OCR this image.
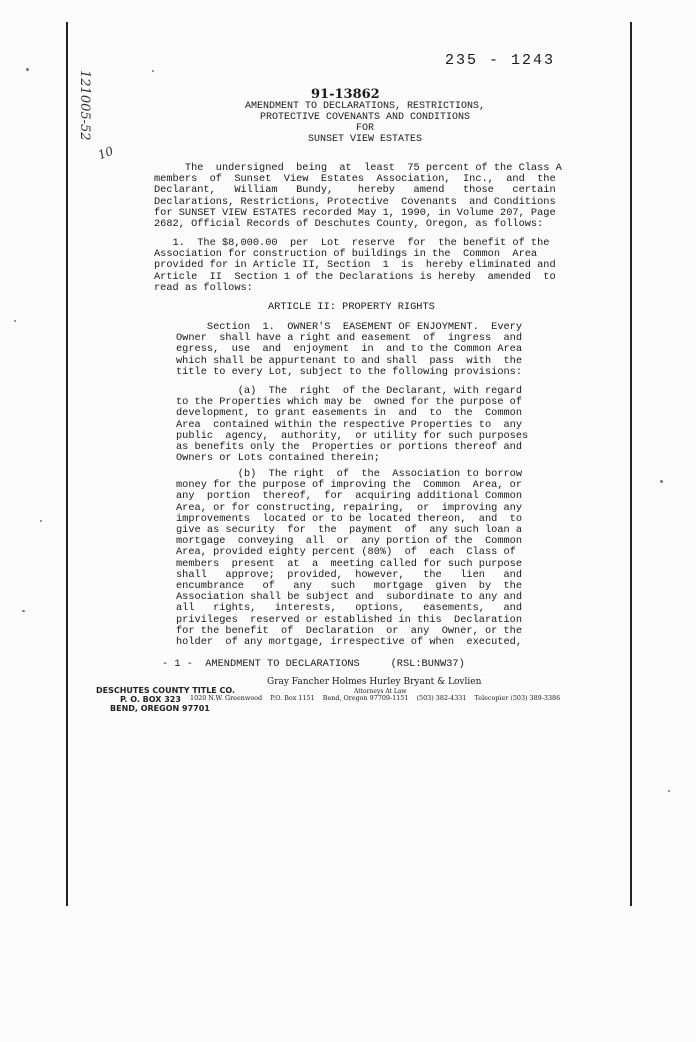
235 - 1243
91-13862
121005-52
10
AMENDMENT TO DECLARATIONS, RESTRICTIONS,
PROTECTIVE COVENANTS AND CONDITIONS
FOR
SUNSET VIEW ESTATES
The  undersigned  being  at  least  75 percent of the Class A
members  of  Sunset  View  Estates  Association,  Inc.,  and  the
Declarant,   William   Bundy,    hereby   amend   those   certain
Declarations, Restrictions, Protective  Covenants  and Conditions
for SUNSET VIEW ESTATES recorded May 1, 1990, in Volume 207, Page
2682, Official Records of Deschutes County, Oregon, as follows:
1.  The $8,000.00  per  Lot  reserve  for  the benefit of the
Association for construction of buildings in the  Common  Area
provided for in Article II, Section  1  is  hereby eliminated and
Article  II  Section 1 of the Declarations is hereby  amended  to
read as follows:
ARTICLE II: PROPERTY RIGHTS
Section  1.  OWNER'S  EASEMENT OF ENJOYMENT.  Every
Owner  shall have a right and easement  of  ingress  and
egress,  use  and  enjoyment  in  and to the Common Area
which shall be appurtenant to and shall  pass  with  the
title to every Lot, subject to the following provisions:
(a)  The  right  of the Declarant, with regard
to the Properties which may be  owned for the purpose of
development, to grant easements in  and  to  the  Common
Area  contained within the respective Properties to  any
public  agency,  authority,  or utility for such purposes
as benefits only the  Properties or portions thereof and
Owners or Lots contained therein;
(b)  The right  of  the  Association to borrow
money for the purpose of improving the  Common  Area, or
any  portion  thereof,  for  acquiring additional Common
Area, or for constructing, repairing,  or  improving any
improvements  located or to be located thereon,  and  to
give as security  for  the  payment  of  any such loan a
mortgage  conveying  all  or  any portion of the  Common
Area, provided eighty percent (80%)  of  each  Class of
members  present  at  a  meeting called for such purpose
shall   approve;  provided,  however,   the   lien   and
encumbrance   of   any   such   mortgage  given  by  the
Association shall be subject and  subordinate to any and
all   rights,   interests,   options,   easements,   and
privileges  reserved or established in this  Declaration
for the benefit  of  Declaration  or  any  Owner, or the
holder  of any mortgage, irrespective of when  executed,
- 1 -  AMENDMENT TO DECLARATIONS     (RSL:BUNW37)
Gray Fancher Holmes Hurley Bryant & Lovlien
Attorneys At Law
1020 N.W. Greenwood    P.O. Box 1151    Bend, Oregon 97709-1151    (503) 382-4331    Telecopier (503) 389-3386
DESCHUTES COUNTY TITLE CO.
P. O. BOX 323
BEND, OREGON 97701
